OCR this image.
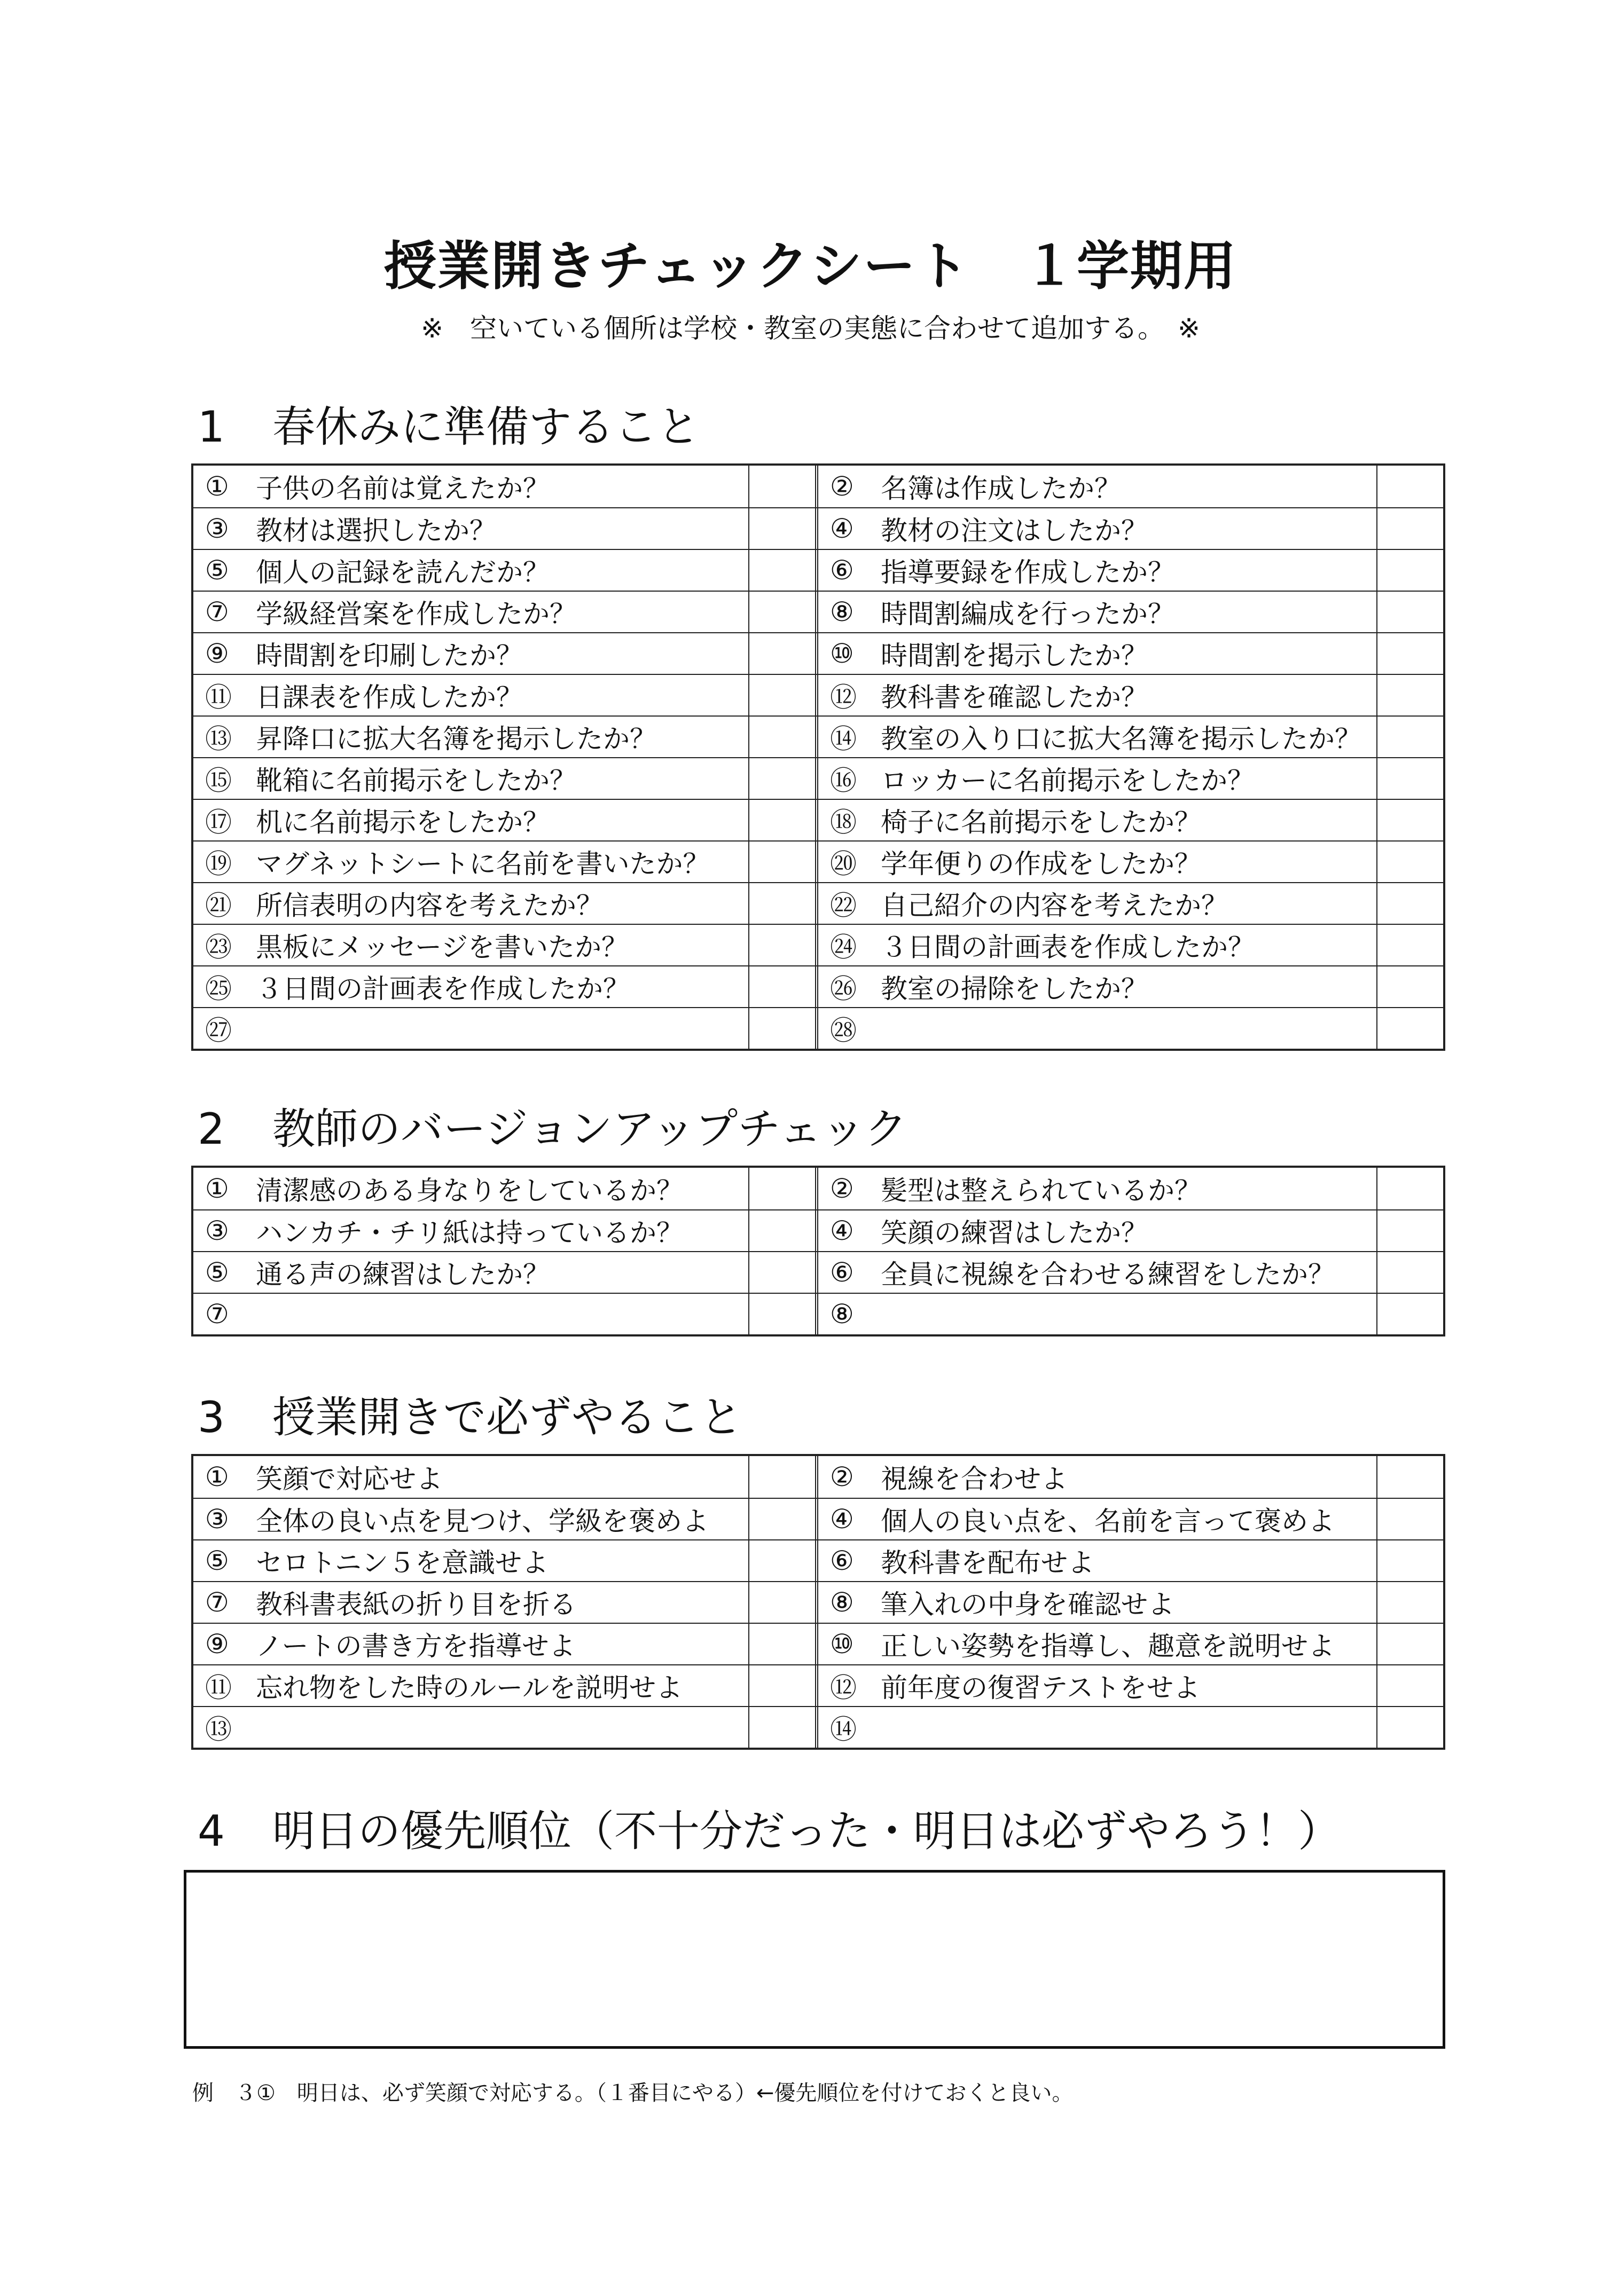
授業開きチェックシート　１学期用
※　空いている個所は学校・教室の実態に合わせて追加する。　※
1 春休みに準備すること
①	子供の名前は覚えたか？	②	名簿は作成したか？
③	教材は選択したか？	④	教材の注文はしたか？
⑤	個人の記録を読んだか？	⑥	指導要録を作成したか？
⑦	学級経営案を作成したか？	⑧	時間割編成を行ったか？
⑨	時間割を印刷したか？	⑩	時間割を掲示したか？
⑪ 日課表を作成したか？	⑫ 教科書を確認したか？
⑬ 昇降口に拡大名簿を掲示したか？	⑭ 教室の入り口に拡大名簿を掲示したか？
⑮ 靴箱に名前掲示をしたか？	⑯ ロッカーに名前掲示をしたか？
⑰ 机に名前掲示をしたか？	⑱ 椅子に名前掲示をしたか？
⑲ マグネットシートに名前を書いたか？	⑳ 学年便りの作成をしたか？
㉑ 所信表明の内容を考えたか？	㉒ 自己紹介の内容を考えたか？
㉓ 黒板にメッセージを書いたか？	㉔ ３日間の計画表を作成したか？
㉕ ３日間の計画表を作成したか？	㉖ 教室の掃除をしたか？
㉗	㉘
2 教師のバージョンアップチェック
①	清潔感のある身なりをしているか？	②	髪型は整えられているか？
③	ハンカチ・チリ紙は持っているか？	④	笑顔の練習はしたか？
⑤	通る声の練習はしたか？	⑥	全員に視線を合わせる練習をしたか？
⑦	⑧
3 授業開きで必ずやること
①	笑顔で対応せよ	②	視線を合わせよ
③	全体の良い点を見つけ、学級を褒めよ	④	個人の良い点を、名前を言って褒めよ
⑤	セロトニン５を意識せよ	⑥	教科書を配布せよ
⑦	教科書表紙の折り目を折る	⑧	筆入れの中身を確認せよ
⑨	ノートの書き方を指導せよ	⑩	正しい姿勢を指導し、趣意を説明せよ
⑪ 忘れ物をした時のルールを説明せよ	⑫ 前年度の復習テストをせよ
⑬	⑭
4 明日の優先順位（不十分だった・明日は必ずやろう！）
例　３①　明日は、必ず笑顔で対応する。（１番目にやる）←優先順位を付けておくと良い。
